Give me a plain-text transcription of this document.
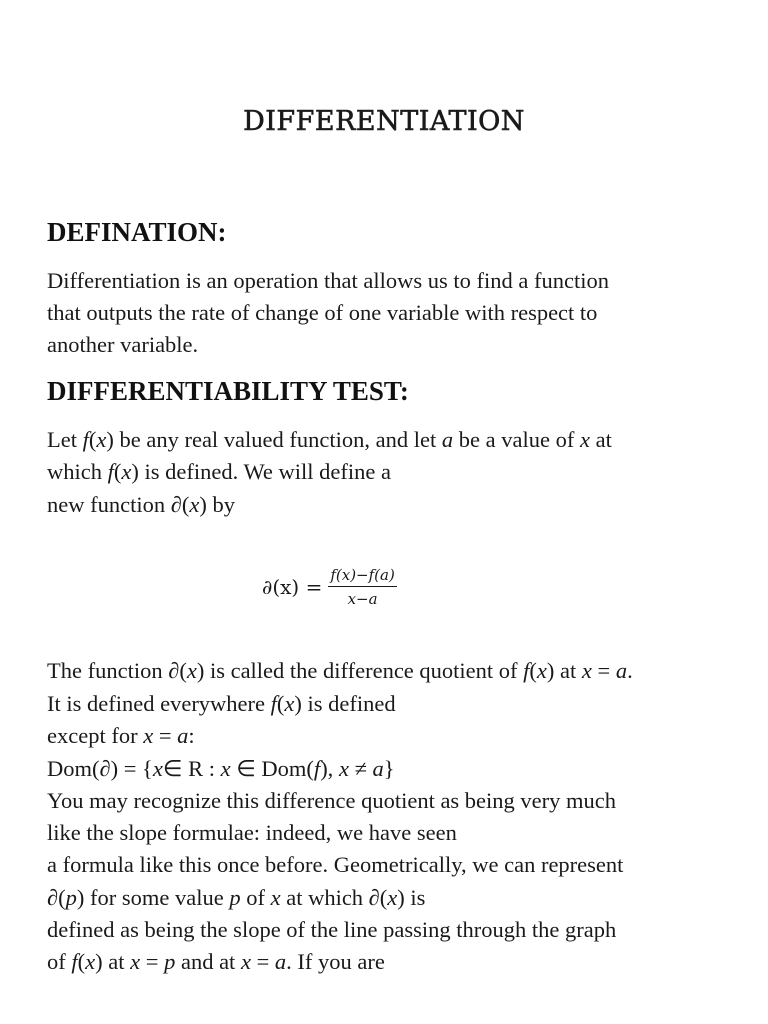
DIFFERENTIATION
DEFINATION:

Differentiation is an operation that allows us to find a function

that outputs the rate of change of one variable with respect to

another variable.

DIFFERENTIABILITY TEST:

Let f(x) be any real valued function, and let a be a value of x at

which f(x) is defined. We will define a

new function ∂(x) by

$\partial(x) = \frac{f(x)-f(a)}{x-a}$

The function ∂(x) is called the difference quotient of f(x) at x = a.

It is defined everywhere f(x) is defined

except for x = a:

Dom(∂) = {x∈ R : x ∈ Dom(f), x ≠ a}

You may recognize this difference quotient as being very much

like the slope formulae: indeed, we have seen

a formula like this once before. Geometrically, we can represent

∂(p) for some value p of x at which ∂(x) is

defined as being the slope of the line passing through the graph

of f(x) at x = p and at x = a. If you are
